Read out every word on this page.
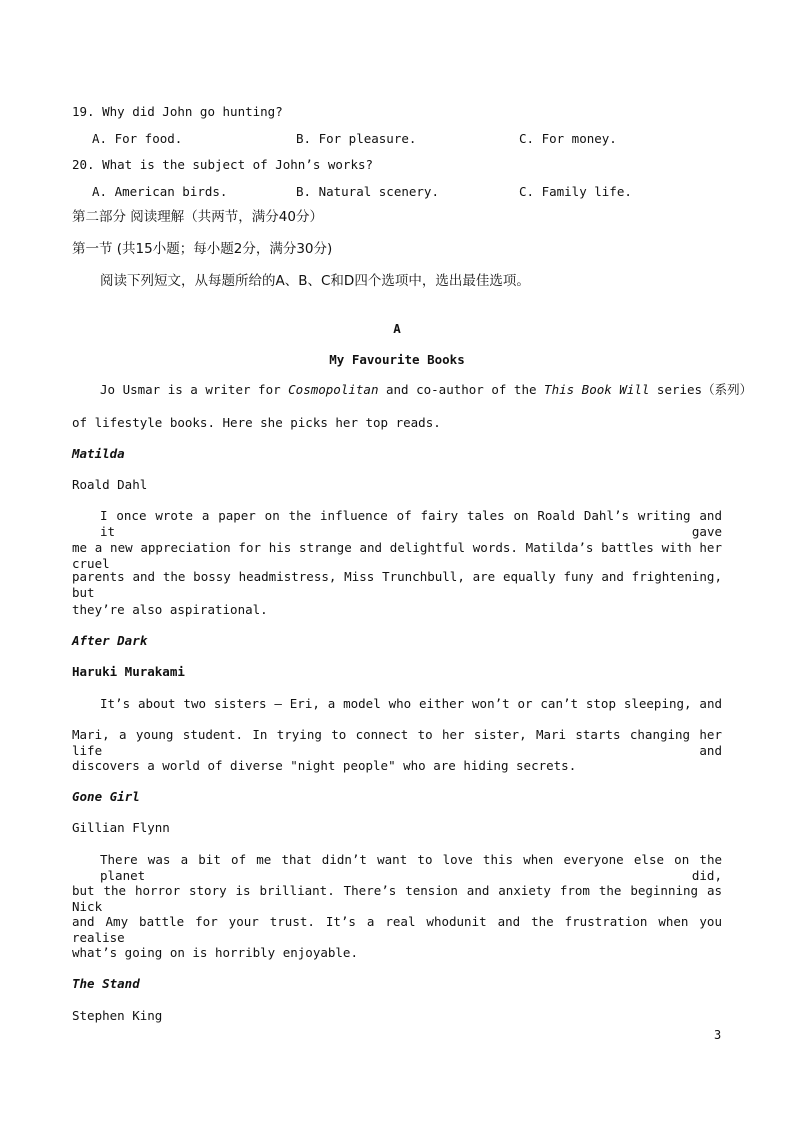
19. Why did John go hunting?
A. For food.	B. For pleasure.	C. For money.
20. What is the subject of John’s works?
A. American birds.	B. Natural scenery.	C. Family life.
第二部分 阅读理解（共两节，满分40分）
第一节 (共15小题；每小题2分，满分30分)
阅读下列短文，从每题所给的A、B、C和D四个选项中，选出最佳选项。
A
My Favourite Books
Jo Usmar is a writer for Cosmopolitan and co-author of the This Book Will series（系列）
of lifestyle books. Here she picks her top reads.
Matilda
Roald Dahl
I once wrote a paper on the influence of fairy tales on Roald Dahl’s writing and it gave
me a new appreciation for his strange and delightful words. Matilda’s battles with her cruel
parents and the bossy headmistress, Miss Trunchbull, are equally funy and frightening, but
they’re also aspirational.
After Dark
Haruki Murakami
It’s about two sisters — Eri, a model who either won’t or can’t stop sleeping, and
Mari, a young student. In trying to connect to her sister, Mari starts changing her life and
discovers a world of diverse "night people" who are hiding secrets.
Gone Girl
Gillian Flynn
There was a bit of me that didn’t want to love this when everyone else on the planet did,
but the horror story is brilliant. There’s tension and anxiety from the beginning as Nick
and Amy battle for your trust. It’s a real whodunit and the frustration when you realise
what’s going on is horribly enjoyable.
The Stand
Stephen King
3
